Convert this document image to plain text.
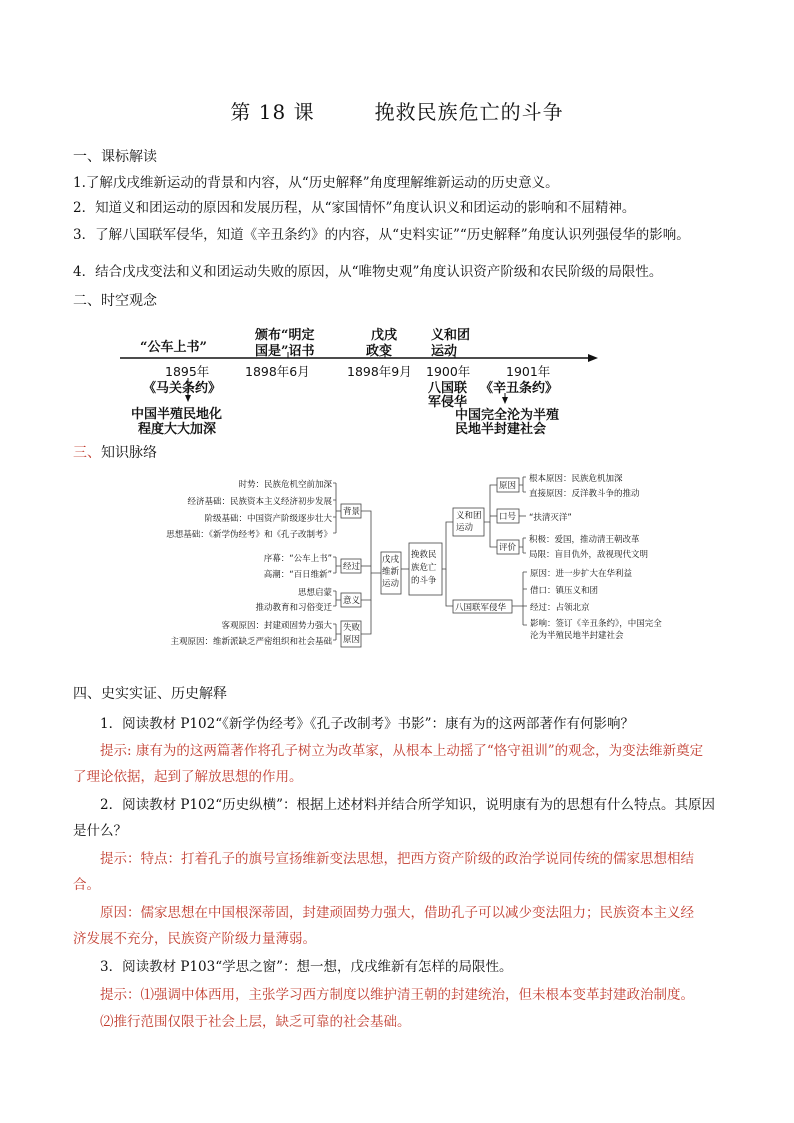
第 18 课	挽救民族危亡的斗争
一、课标解读
1.了解戊戌维新运动的背景和内容，从“历史解释”角度理解维新运动的历史意义。
2．知道义和团运动的原因和发展历程，从“家国情怀”角度认识义和团运动的影响和不屈精神。
3．了解八国联军侵华，知道《辛丑条约》的内容，从“史料实证”“历史解释”角度认识列强侵华的影响。
4．结合戊戌变法和义和团运动失败的原因，从“唯物史观”角度认识资产阶级和农民阶级的局限性。
二、时空观念
“公车上书”
颁布“明定
国是”诏书
戊戌
政变
义和团
运动
1895年	1898年6月	1898年9月 1900年	1901年
《马关条约》
中国半殖民地化
程度大大加深
八国联
军侵华
《辛丑条约》
中国完全沦为半殖
民地半封建社会
三、知识脉络
挽救民
族危亡
的斗争
戊戌
维新
运动
背景
经过
意义
失败
原因
时势：民族危机空前加深
经济基础：民族资本主义经济初步发展
阶级基础：中国资产阶级逐步壮大
思想基础：《新学伪经考》和《孔子改制考》
序幕：“公车上书”
高潮：“百日维新”
思想启蒙
推动教育和习俗变迁
客观原因：封建顽固势力强大
主观原因：维新派缺乏严密组织和社会基础
义和团
运动
原因
口号
评价
根本原因：民族危机加深
直接原因：反洋教斗争的推动
“扶清灭洋”
积极：爱国，推动清王朝改革
局限：盲目仇外，敌视现代文明
八国联军侵华
原因：进一步扩大在华利益
借口：镇压义和团
经过：占领北京
影响：签订《辛丑条约》，中国完全
沦为半殖民地半封建社会
四、史实实证、历史解释
1．阅读教材 P102“《新学伪经考》《孔子改制考》书影”：康有为的这两部著作有何影响？
提示: 康有为的这两篇著作将孔子树立为改革家，从根本上动摇了“恪守祖训”的观念，为变法维新奠定
了理论依据，起到了解放思想的作用。
2．阅读教材 P102“历史纵横”：根据上述材料并结合所学知识，说明康有为的思想有什么特点。其原因
是什么？
提示：特点：打着孔子的旗号宣扬维新变法思想，把西方资产阶级的政治学说同传统的儒家思想相结
合。
原因：儒家思想在中国根深蒂固，封建顽固势力强大，借助孔子可以减少变法阻力；民族资本主义经
济发展不充分，民族资产阶级力量薄弱。
3．阅读教材 P103“学思之窗”：想一想，戊戌维新有怎样的局限性。
提示：⑴强调中体西用，主张学习西方制度以维护清王朝的封建统治，但未根本变革封建政治制度。
⑵推行范围仅限于社会上层，缺乏可靠的社会基础。
